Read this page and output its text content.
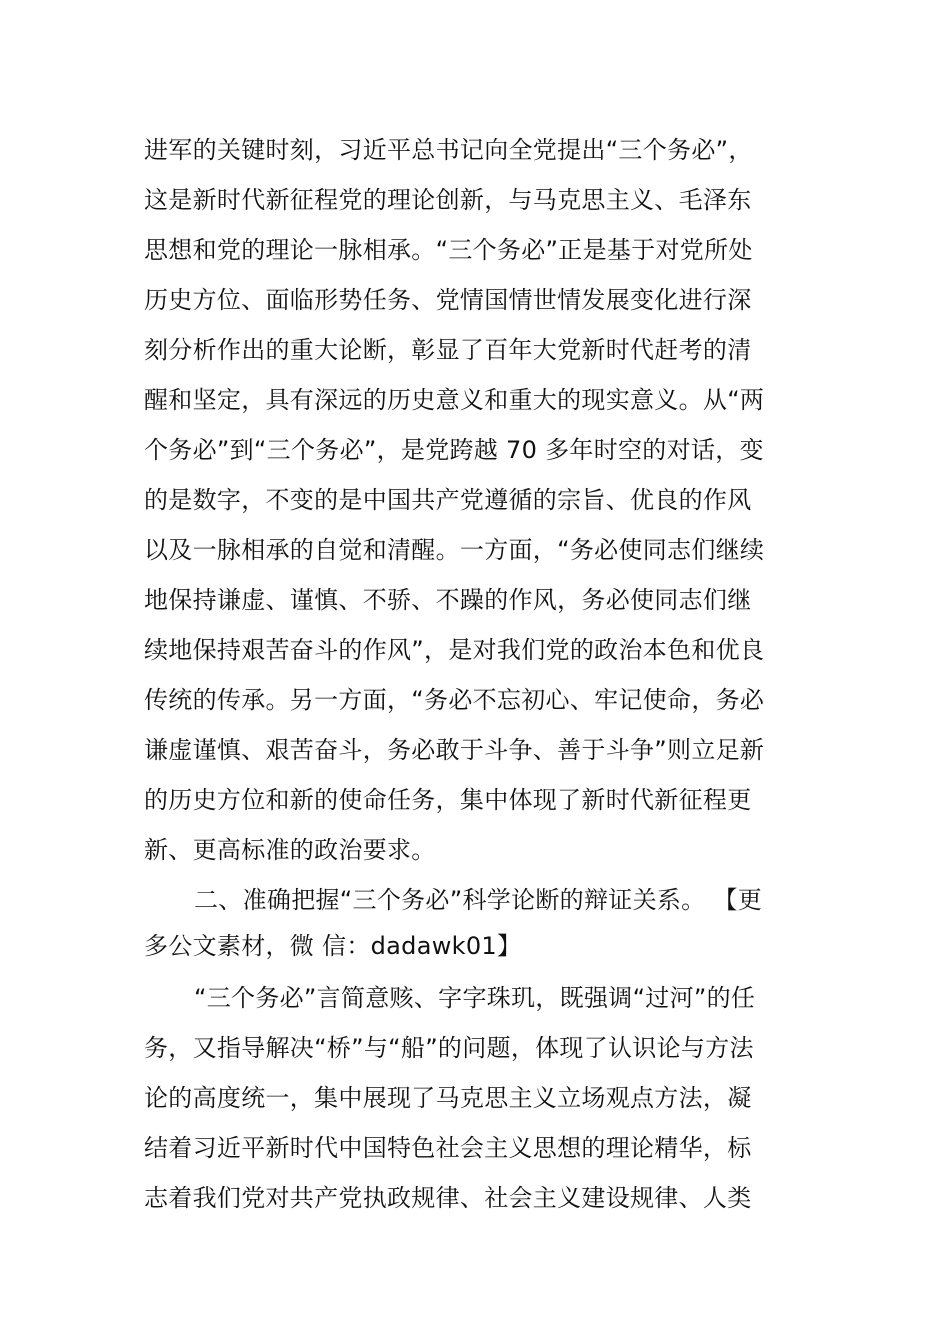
进军的关键时刻，习近平总书记向全党提出“三个务必”，
这是新时代新征程党的理论创新，与马克思主义、毛泽东
思想和党的理论一脉相承。“三个务必”正是基于对党所处
历史方位、面临形势任务、党情国情世情发展变化进行深
刻分析作出的重大论断，彰显了百年大党新时代赶考的清
醒和坚定，具有深远的历史意义和重大的现实意义。从“两
个务必”到“三个务必”，是党跨越 70 多年时空的对话，变
的是数字，不变的是中国共产党遵循的宗旨、优良的作风
以及一脉相承的自觉和清醒。一方面，“务必使同志们继续
地保持谦虚、谨慎、不骄、不躁的作风，务必使同志们继
续地保持艰苦奋斗的作风”，是对我们党的政治本色和优良
传统的传承。另一方面，“务必不忘初心、牢记使命，务必
谦虚谨慎、艰苦奋斗，务必敢于斗争、善于斗争”则立足新
的历史方位和新的使命任务，集中体现了新时代新征程更
新、更高标准的政治要求。
二、准确把握“三个务必”科学论断的辩证关系。 【更
多公文素材，微 信：dadawk01】
“三个务必”言简意赅、字字珠玑，既强调“过河”的任
务，又指导解决“桥”与“船”的问题，体现了认识论与方法
论的高度统一，集中展现了马克思主义立场观点方法，凝
结着习近平新时代中国特色社会主义思想的理论精华，标
志着我们党对共产党执政规律、社会主义建设规律、人类
